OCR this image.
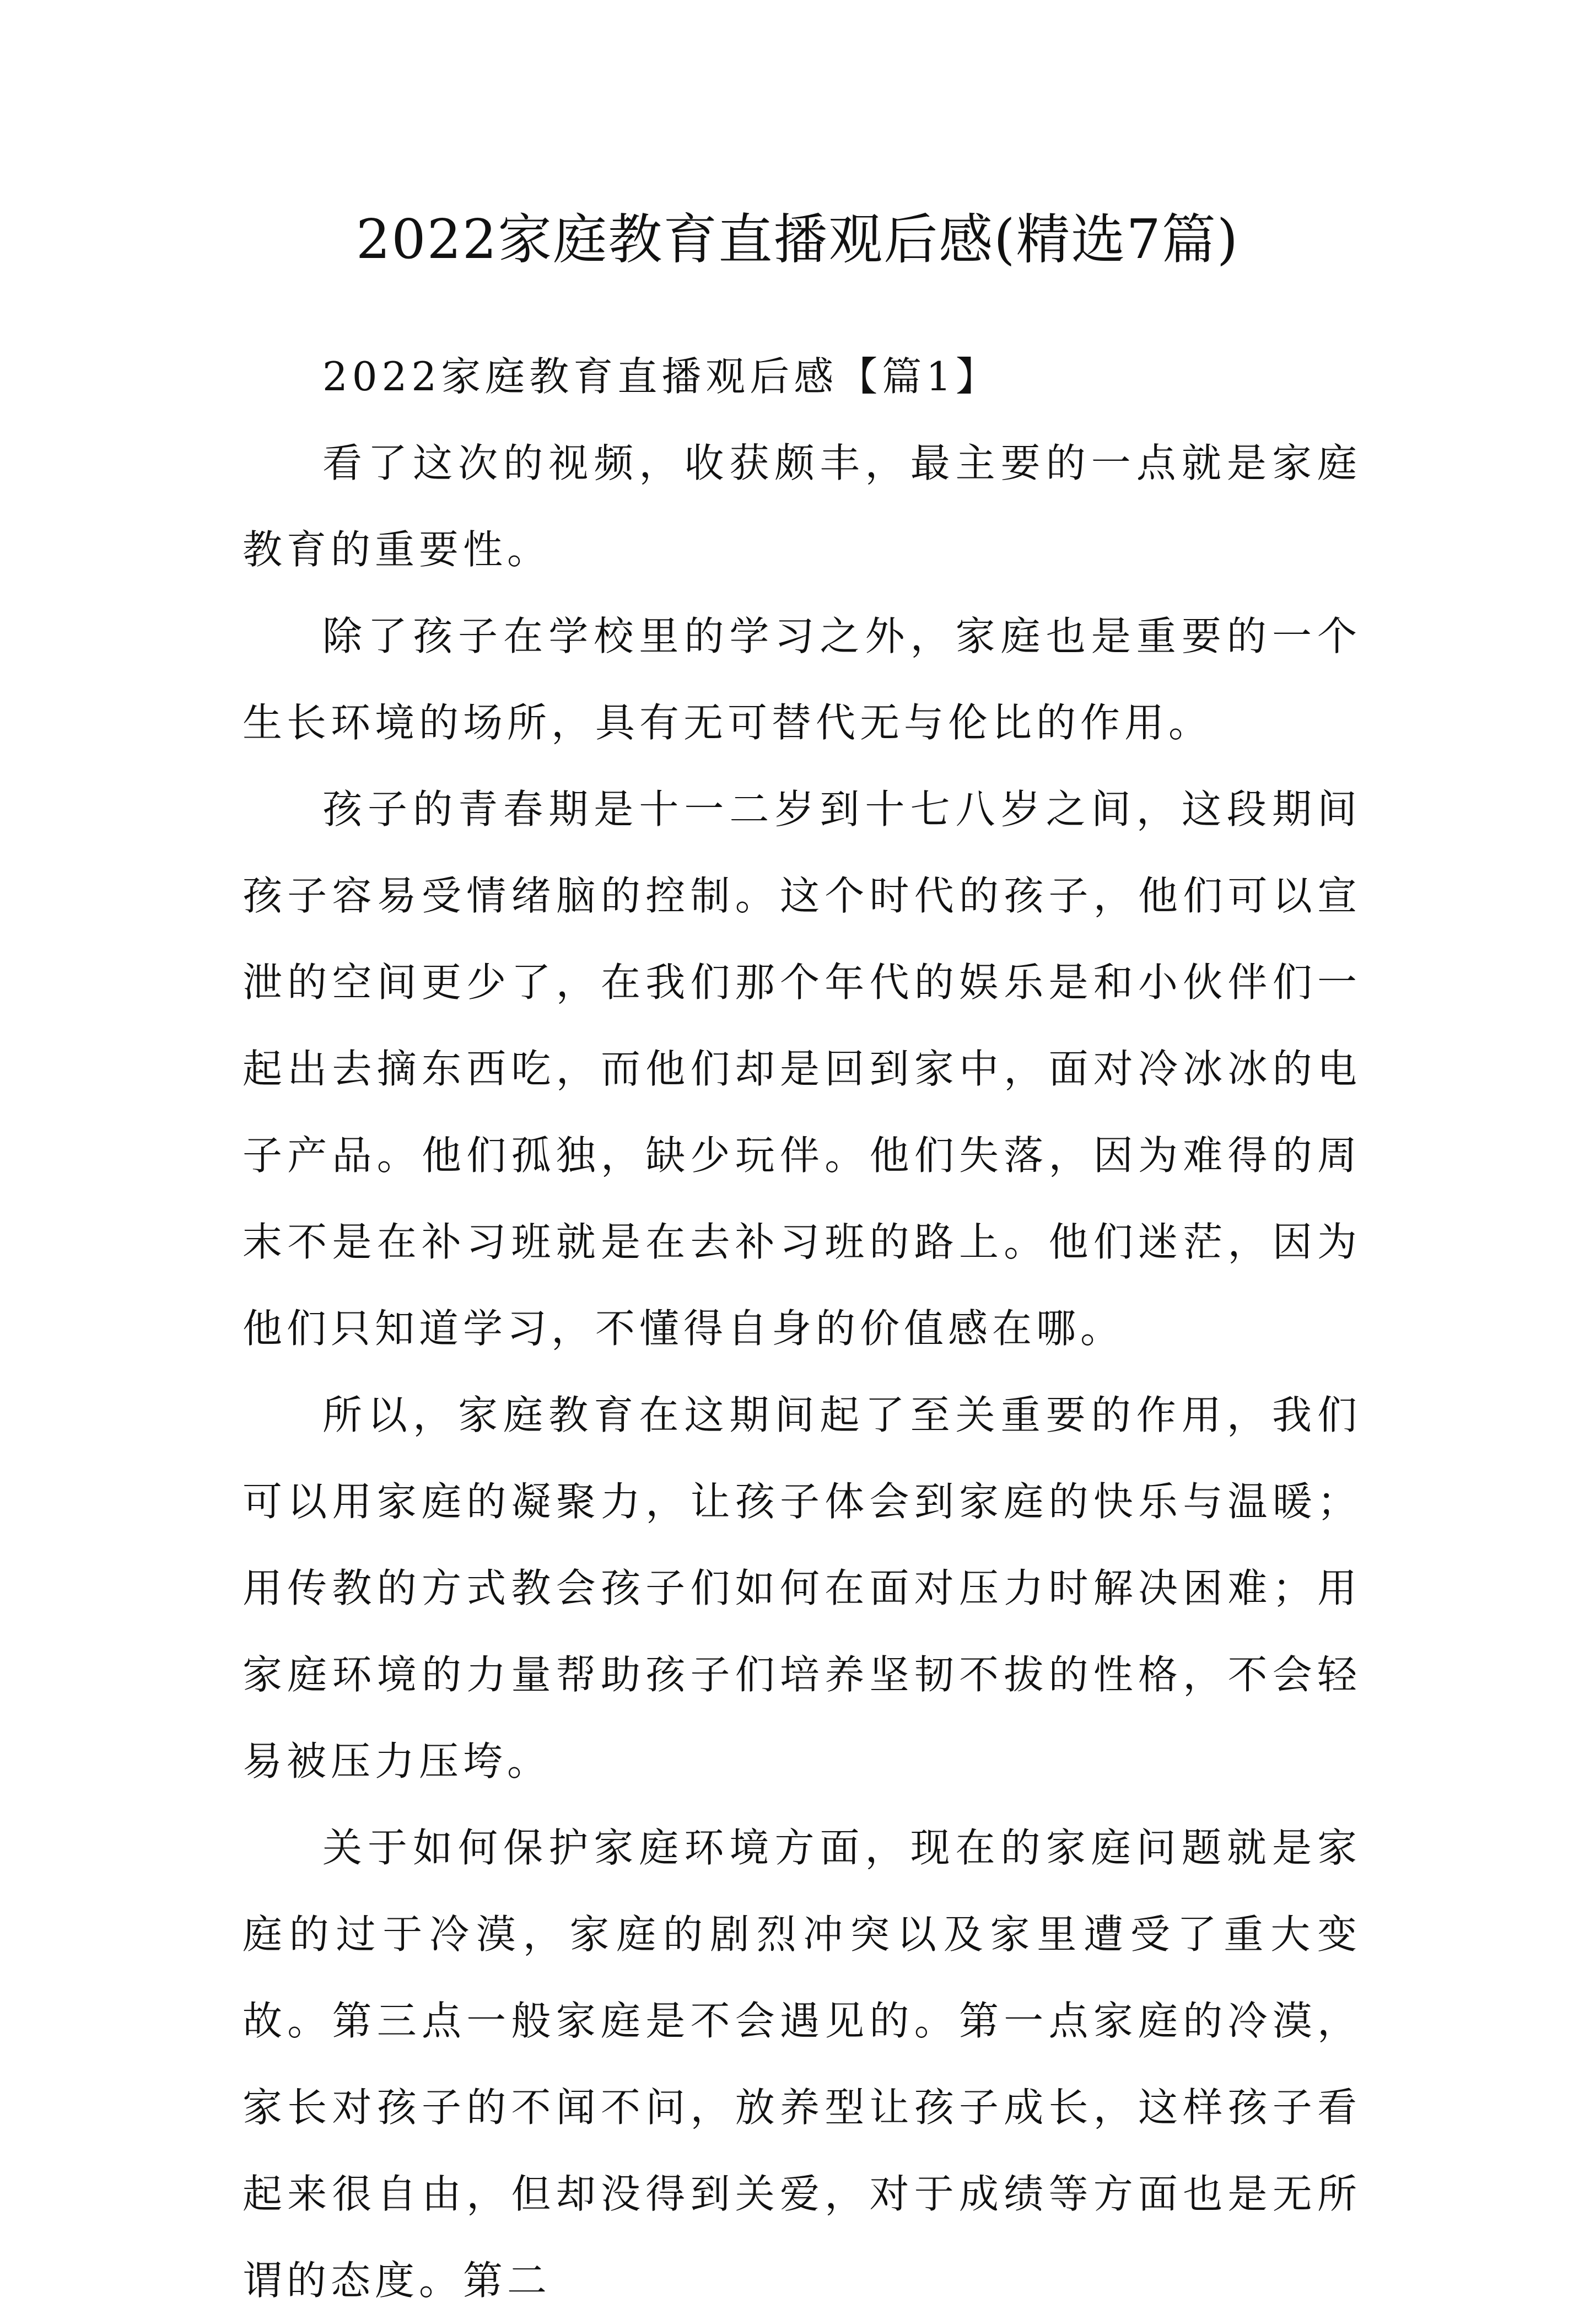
2022家庭教育直播观后感(精选7篇)

2022家庭教育直播观后感【篇1】

看了这次的视频，收获颇丰，最主要的一点就是家庭教育的重要性。

除了孩子在学校里的学习之外，家庭也是重要的一个生长环境的场所，具有无可替代无与伦比的作用。

孩子的青春期是十一二岁到十七八岁之间，这段期间孩子容易受情绪脑的控制。这个时代的孩子，他们可以宣泄的空间更少了，在我们那个年代的娱乐是和小伙伴们一起出去摘东西吃，而他们却是回到家中，面对冷冰冰的电子产品。他们孤独，缺少玩伴。他们失落，因为难得的周末不是在补习班就是在去补习班的路上。他们迷茫，因为他们只知道学习，不懂得自身的价值感在哪。

所以，家庭教育在这期间起了至关重要的作用，我们可以用家庭的凝聚力，让孩子体会到家庭的快乐与温暖；用传教的方式教会孩子们如何在面对压力时解决困难；用家庭环境的力量帮助孩子们培养坚韧不拔的性格，不会轻易被压力压垮。

关于如何保护家庭环境方面，现在的家庭问题就是家庭的过于冷漠，家庭的剧烈冲突以及家里遭受了重大变故。第三点一般家庭是不会遇见的。第一点家庭的冷漠，家长对孩子的不闻不问，放养型让孩子成长，这样孩子看起来很自由，但却没得到关爱，对于成绩等方面也是无所谓的态度。第二
